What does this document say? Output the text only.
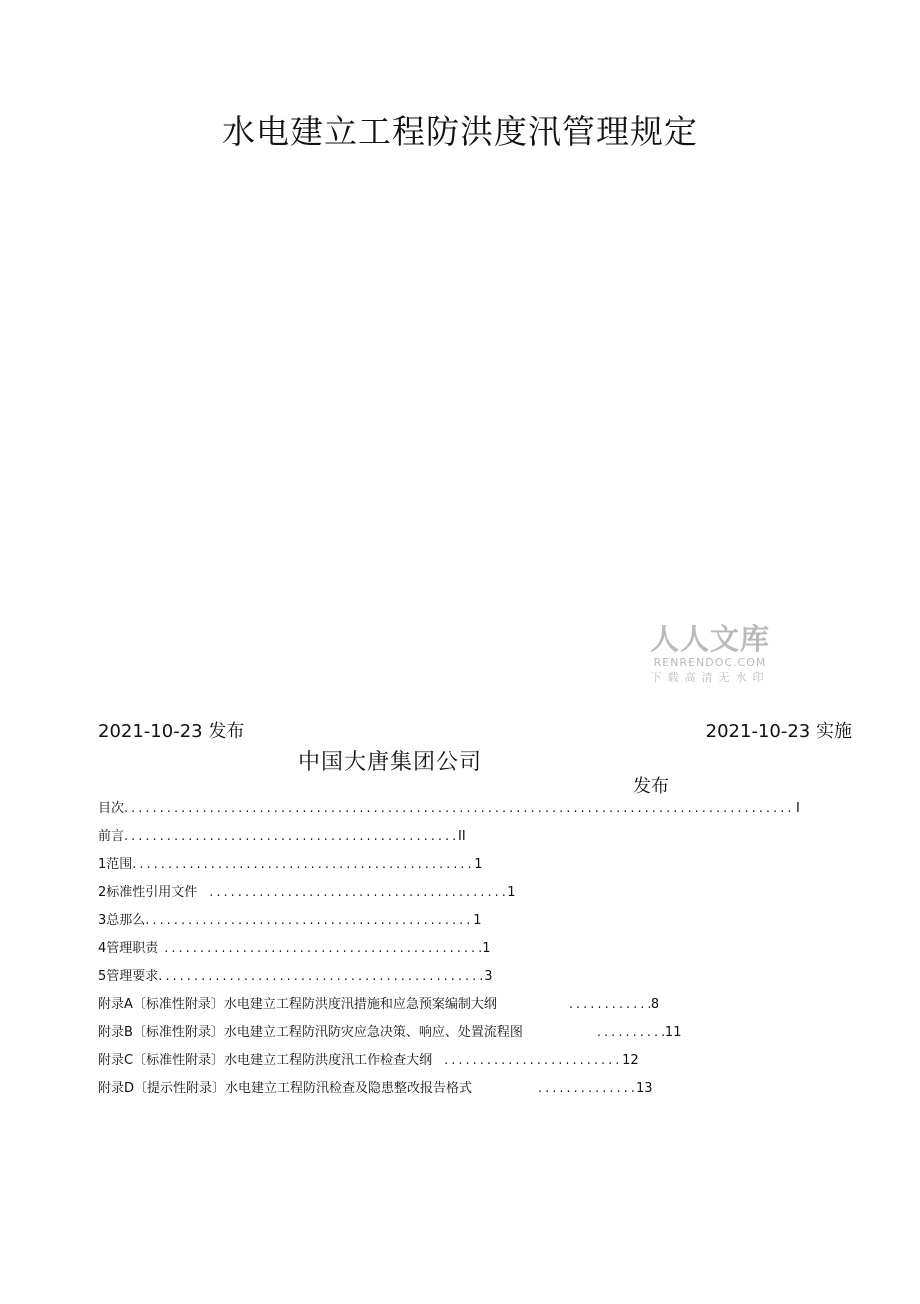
水电建立工程防洪度汛管理规定
人人文库
RENRENDOC.COM
下载高清无水印
2021-10-23 发布	2021-10-23 实施
中国大唐集团公司
发布
目次 .....	I
前言 .....	II
1范围 .....	1
2标准性引用文件 .....	1
3总那么 .....	1
4管理职责 .....	1
5管理要求 .....	3
附录A〔标准性附录〕水电建立工程防洪度汛措施和应急预案编制大纲 .....	8
附录B〔标准性附录〕水电建立工程防汛防灾应急决策、响应、处置流程图 .....	11
附录C〔标准性附录〕水电建立工程防洪度汛工作检查大纲 .....	12
附录D〔提示性附录〕水电建立工程防汛检查及隐患整改报告格式 .....	13
